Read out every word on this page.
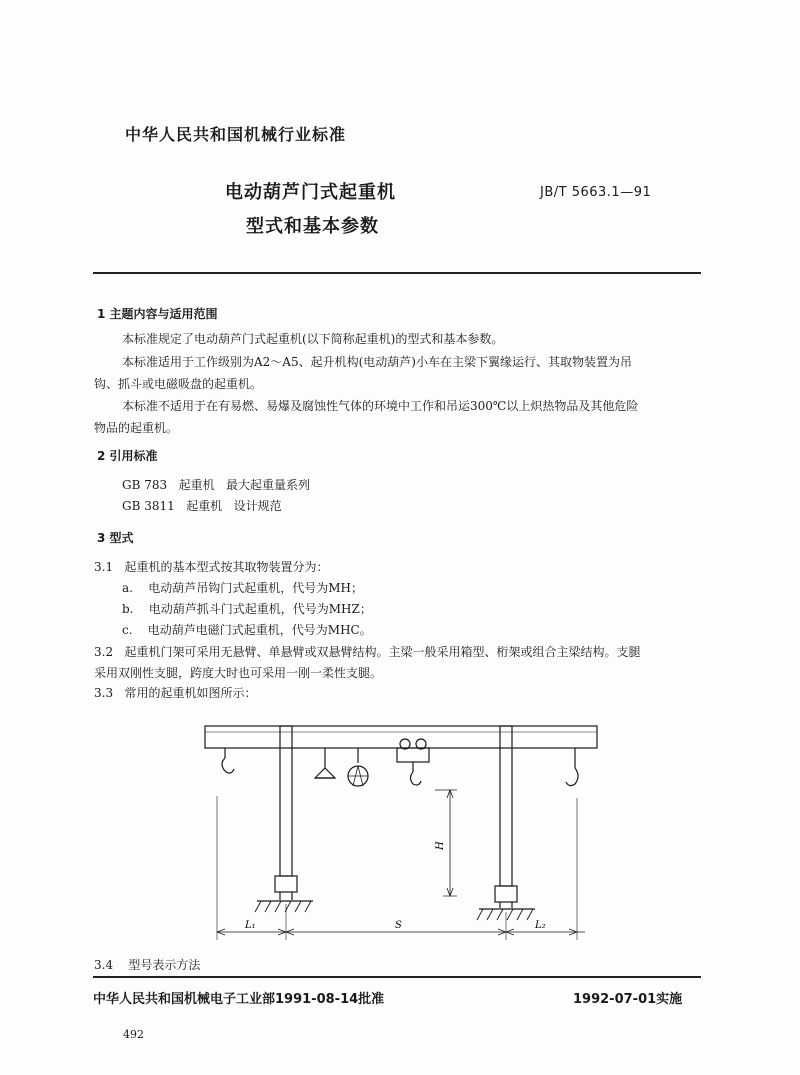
中华人民共和国机械行业标准
电动葫芦门式起重机
型式和基本参数
JB/T 5663.1—91
1 主题内容与适用范围
本标准规定了电动葫芦门式起重机(以下简称起重机)的型式和基本参数。
本标准适用于工作级别为A2～A5、起升机构(电动葫芦)小车在主梁下翼缘运行、其取物装置为吊
钩、抓斗或电磁吸盘的起重机。
本标准不适用于在有易燃、易爆及腐蚀性气体的环境中工作和吊运300℃以上炽热物品及其他危险
物品的起重机。
2 引用标准
GB 783   起重机   最大起重量系列
GB 3811   起重机   设计规范
3 型式
3.1   起重机的基本型式按其取物装置分为：
a.    电动葫芦吊钩门式起重机，代号为MH；
b.    电动葫芦抓斗门式起重机，代号为MHZ；
c.    电动葫芦电磁门式起重机，代号为MHC。
3.2   起重机门架可采用无悬臂、单悬臂或双悬臂结构。主梁一般采用箱型、桁架或组合主梁结构。支腿
采用双刚性支腿，跨度大时也可采用一刚一柔性支腿。
3.3   常用的起重机如图所示：
H
L₁	S	L₂
3.4    型号表示方法
中华人民共和国机械电子工业部1991-08-14批准	1992-07-01实施
492
